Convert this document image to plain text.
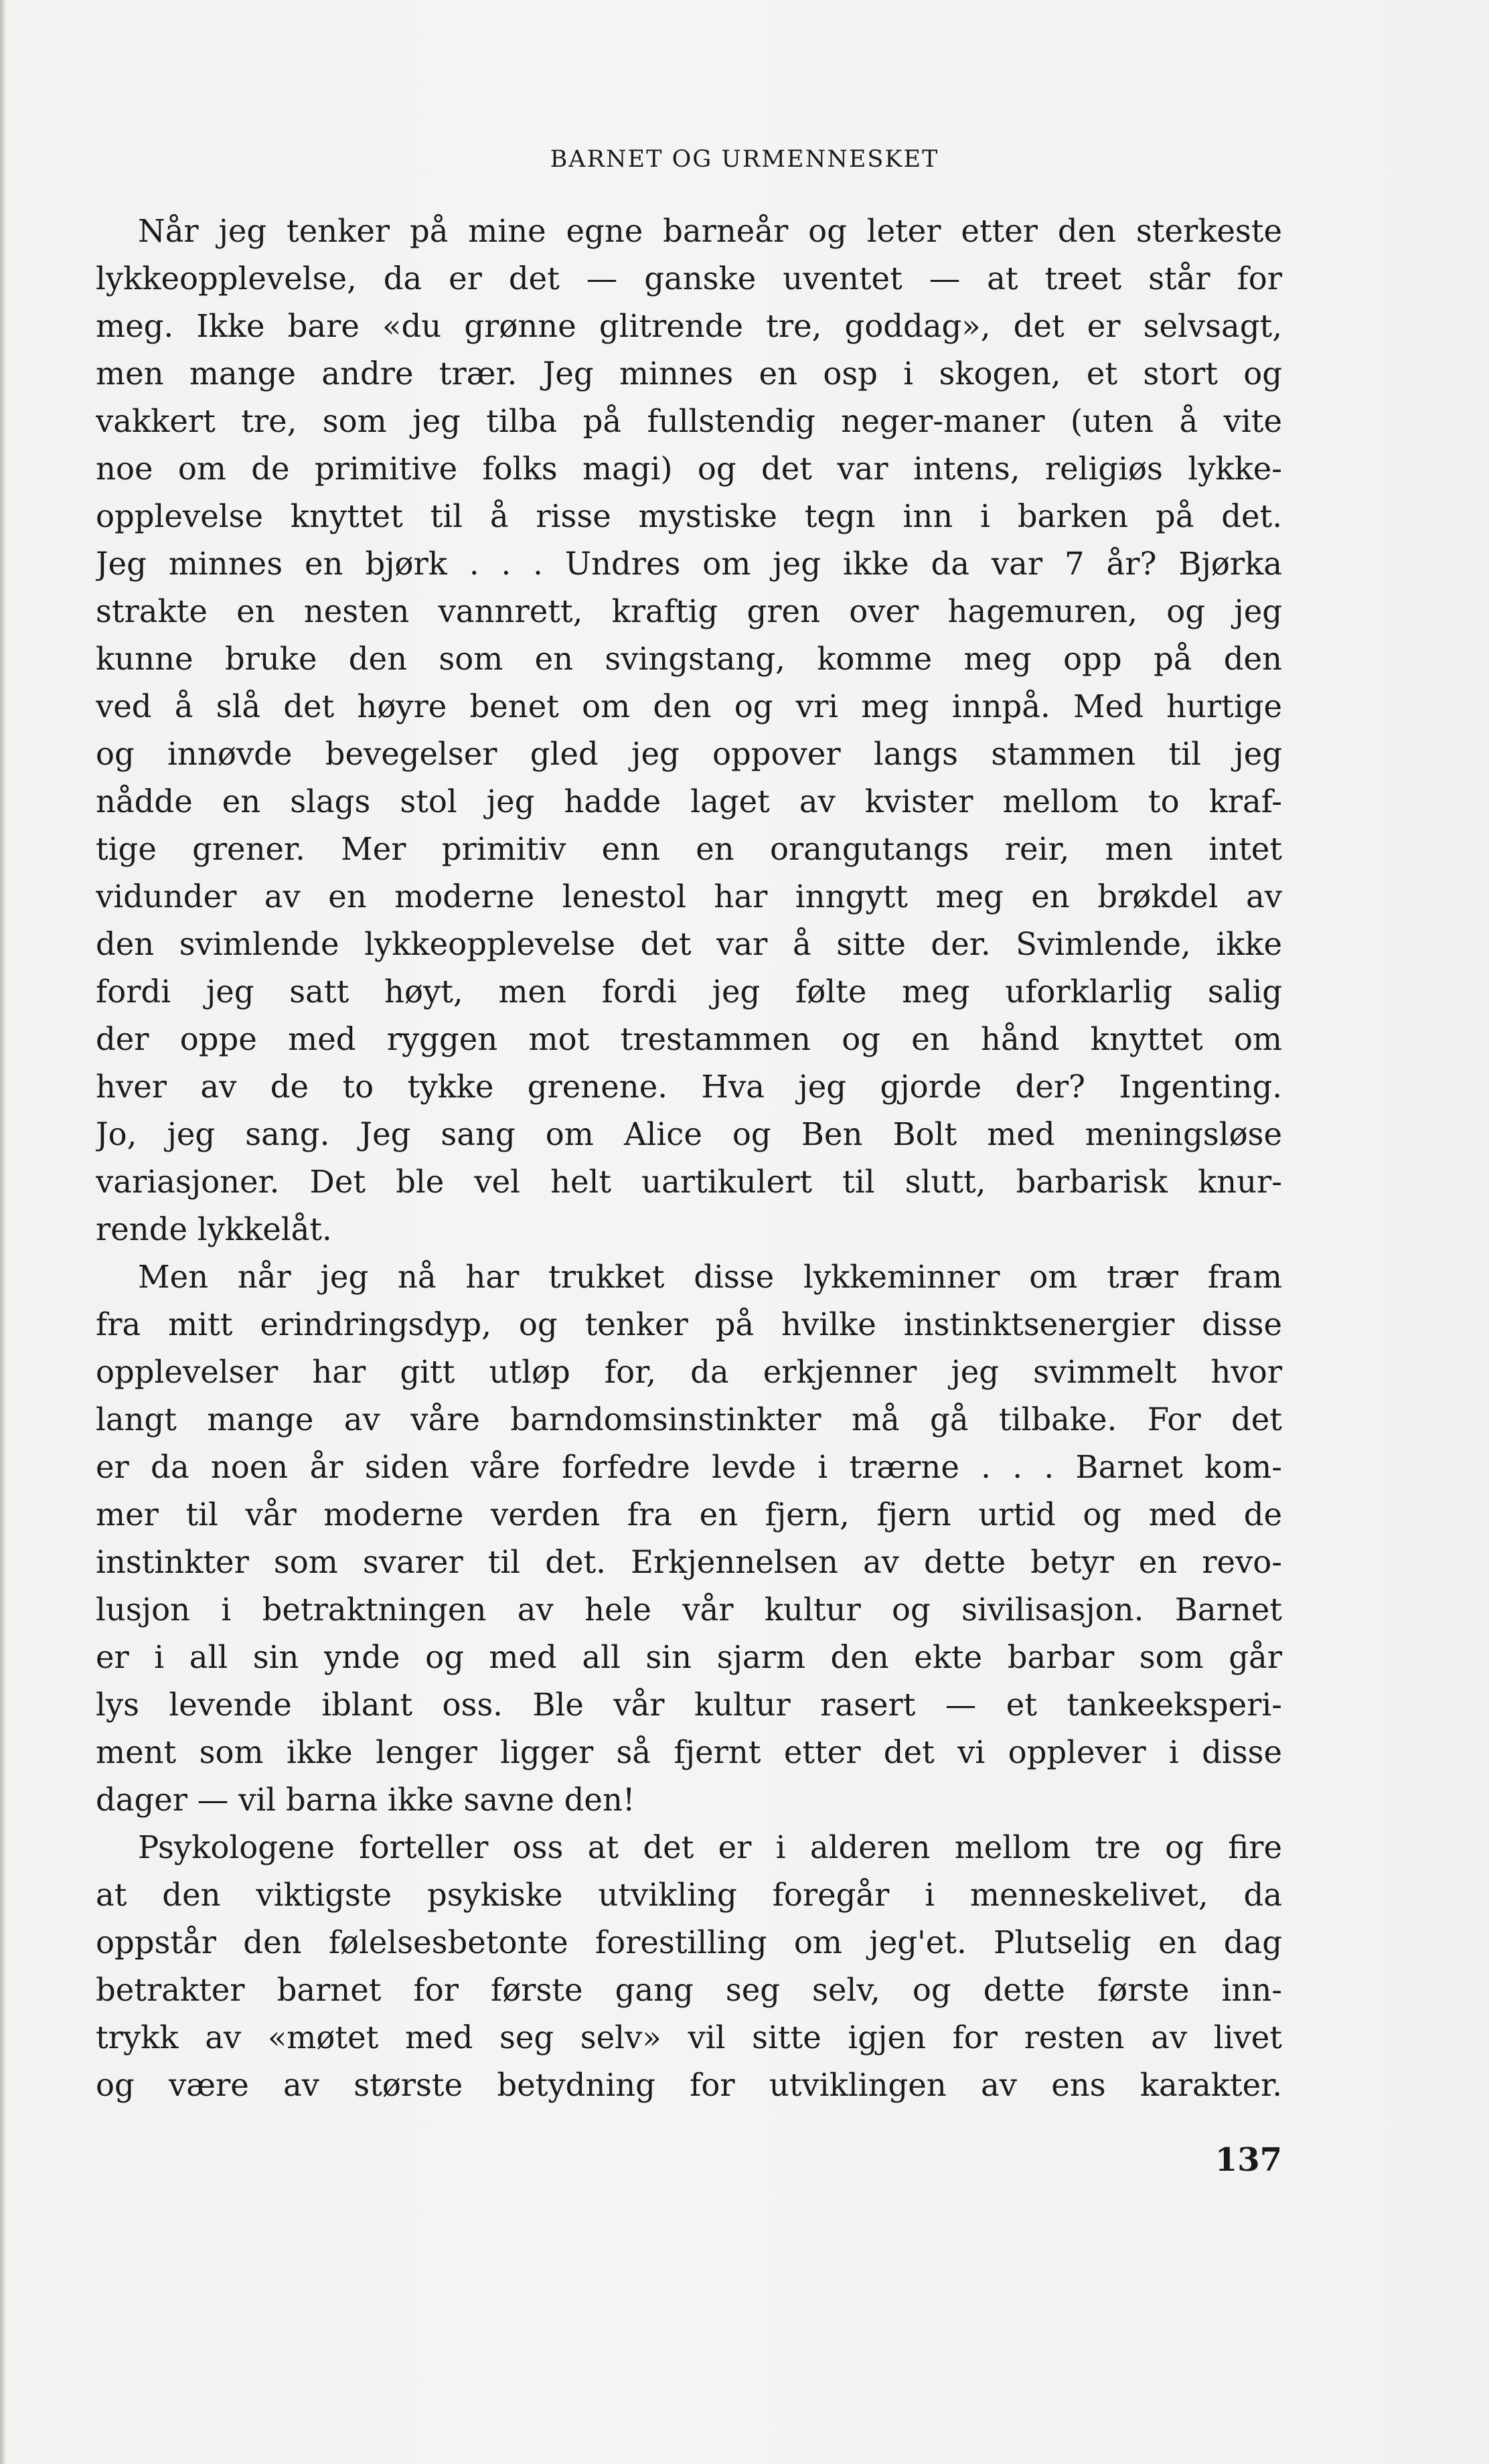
BARNET OG URMENNESKET
Når jeg tenker på mine egne barneår og leter etter den sterkeste
lykkeopplevelse, da er det — ganske uventet — at treet står for
meg. Ikke bare «du grønne glitrende tre, goddag», det er selvsagt,
men mange andre trær. Jeg minnes en osp i skogen, et stort og
vakkert tre, som jeg tilba på fullstendig neger-maner (uten å vite
noe om de primitive folks magi) og det var intens, religiøs lykke-
opplevelse knyttet til å risse mystiske tegn inn i barken på det.
Jeg minnes en bjørk . . . Undres om jeg ikke da var 7 år? Bjørka
strakte en nesten vannrett, kraftig gren over hagemuren, og jeg
kunne bruke den som en svingstang, komme meg opp på den
ved å slå det høyre benet om den og vri meg innpå. Med hurtige
og innøvde bevegelser gled jeg oppover langs stammen til jeg
nådde en slags stol jeg hadde laget av kvister mellom to kraf-
tige grener. Mer primitiv enn en orangutangs reir, men intet
vidunder av en moderne lenestol har inngytt meg en brøkdel av
den svimlende lykkeopplevelse det var å sitte der. Svimlende, ikke
fordi jeg satt høyt, men fordi jeg følte meg uforklarlig salig
der oppe med ryggen mot trestammen og en hånd knyttet om
hver av de to tykke grenene. Hva jeg gjorde der? Ingenting.
Jo, jeg sang. Jeg sang om Alice og Ben Bolt med meningsløse
variasjoner. Det ble vel helt uartikulert til slutt, barbarisk knur-
rende lykkelåt.
Men når jeg nå har trukket disse lykkeminner om trær fram
fra mitt erindringsdyp, og tenker på hvilke instinktsenergier disse
opplevelser har gitt utløp for, da erkjenner jeg svimmelt hvor
langt mange av våre barndomsinstinkter må gå tilbake. For det
er da noen år siden våre forfedre levde i trærne . . . Barnet kom-
mer til vår moderne verden fra en fjern, fjern urtid og med de
instinkter som svarer til det. Erkjennelsen av dette betyr en revo-
lusjon i betraktningen av hele vår kultur og sivilisasjon. Barnet
er i all sin ynde og med all sin sjarm den ekte barbar som går
lys levende iblant oss. Ble vår kultur rasert — et tankeeksperi-
ment som ikke lenger ligger så fjernt etter det vi opplever i disse
dager — vil barna ikke savne den!
Psykologene forteller oss at det er i alderen mellom tre og fire
at den viktigste psykiske utvikling foregår i menneskelivet, da
oppstår den følelsesbetonte forestilling om jeg'et. Plutselig en dag
betrakter barnet for første gang seg selv, og dette første inn-
trykk av «møtet med seg selv» vil sitte igjen for resten av livet
og være av største betydning for utviklingen av ens karakter.
137
